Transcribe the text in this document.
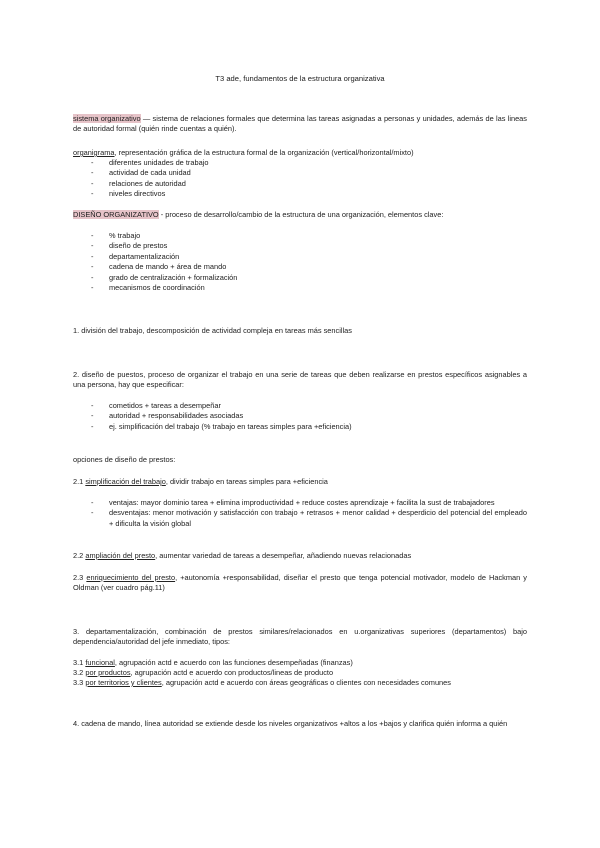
T3 ade, fundamentos de la estructura organizativa

sistema organizativo — sistema de relaciones formales que determina las tareas asignadas a personas y unidades, además de las lineas de autoridad formal (quién rinde cuentas a quién).

organigrama, representación gráfica de la estructura formal de la organización (vertical/horizontal/mixto)

- diferentes unidades de trabajo
- actividad de cada unidad
- relaciones de autoridad
- niveles directivos

DISEÑO ORGANIZATIVO - proceso de desarrollo/cambio de la estructura de una organización, elementos clave:

- % trabajo
- diseño de prestos
- departamentalización
- cadena de mando + área de mando
- grado de centralización + formalización
- mecanismos de coordinación

1. división del trabajo, descomposición de actividad compleja en tareas más sencillas

2. diseño de puestos, proceso de organizar el trabajo en una serie de tareas que deben realizarse en prestos específicos asignables a una persona, hay que especificar:

- cometidos + tareas a desempeñar
- autoridad + responsabilidades asociadas
- ej. simplificación del trabajo (% trabajo en tareas simples para +eficiencia)

opciones de diseño de prestos:

2.1 simplificación del trabajo, dividir trabajo en tareas simples para +eficiencia

- ventajas: mayor dominio tarea + elimina improductividad + reduce costes aprendizaje + facilita la sust de trabajadores
- desventajas: menor motivación y satisfacción con trabajo + retrasos + menor calidad + desperdicio del potencial del empleado + dificulta la visión global

2.2 ampliación del presto, aumentar variedad de tareas a desempeñar, añadiendo nuevas relacionadas

2.3 enriquecimiento del presto, +autonomía +responsabilidad, diseñar el presto que tenga potencial motivador, modelo de Hackman y Oldman (ver cuadro pág.11)

3. departamentalización, combinación de prestos similares/relacionados en u.organizativas superiores (departamentos) bajo dependencia/autoridad del jefe inmediato, tipos:

3.1 funcional, agrupación actd e acuerdo con las funciones desempeñadas (finanzas)

3.2 por productos, agrupación actd e acuerdo con productos/lineas de producto

3.3 por territorios y clientes, agrupación actd e acuerdo con áreas geográficas o clientes con necesidades comunes

4. cadena de mando, línea autoridad se extiende desde los niveles organizativos +altos a los +bajos y clarifica quién informa a quién
